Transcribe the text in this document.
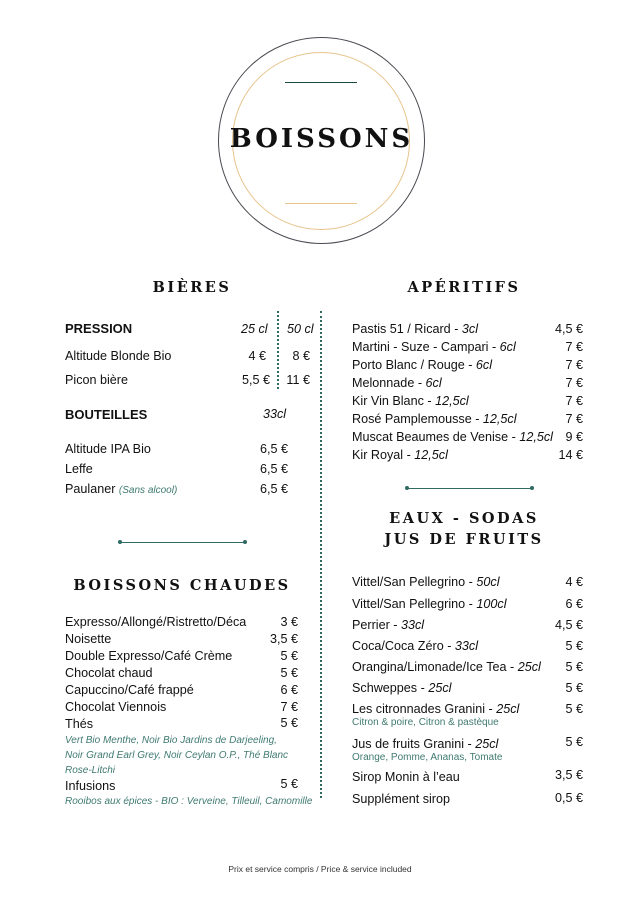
BOISSONS
BIÈRES	APÉRITIFS
BOISSONS CHAUDES
EAUX - SODAS
JUS DE FRUITS
PRESSION	25 cl 50 cl
Altitude Blonde Bio	4 €	8 €
Picon bière	5,5 €	11 €
BOUTEILLES	33cl
Altitude IPA Bio	6,5 €
Leffe	6,5 €
Paulaner (Sans alcool)	6,5 €
Pastis 51 / Ricard - 3cl	4,5 €
Martini - Suze - Campari - 6cl	7 €
Porto Blanc / Rouge - 6cl	7 €
Melonnade - 6cl	7 €
Kir Vin Blanc - 12,5cl	7 €
Rosé Pamplemousse - 12,5cl	7 €
Muscat Beaumes de Venise - 12,5cl 9 €
Kir Royal - 12,5cl	14 €
Expresso/Allongé/Ristretto/Déca	3 €
Noisette	3,5 €
Double Expresso/Café Crème	5 €
Chocolat chaud	5 €
Capuccino/Café frappé	6 €
Chocolat Viennois	7 €
Thés	5 €
Vert Bio Menthe, Noir Bio Jardins de Darjeeling,
Noir Grand Earl Grey, Noir Ceylan O.P., Thé Blanc
Rose-Litchi
Infusions	5 €
Rooibos aux épices - BIO : Verveine, Tilleuil, Camomille
Vittel/San Pellegrino - 50cl	4 €
Vittel/San Pellegrino - 100cl	6 €
Perrier - 33cl	4,5 €
Coca/Coca Zéro - 33cl	5 €
Orangina/Limonade/Ice Tea - 25cl	5 €
Schweppes - 25cl	5 €
Les citronnades Granini - 25cl	5 €
Citron & poire, Citron & pastèque
Jus de fruits Granini - 25cl	5 €
Orange, Pomme, Ananas, Tomate
Sirop Monin à l’eau	3,5 €
Supplément sirop	0,5 €
Prix et service compris / Price & service included
